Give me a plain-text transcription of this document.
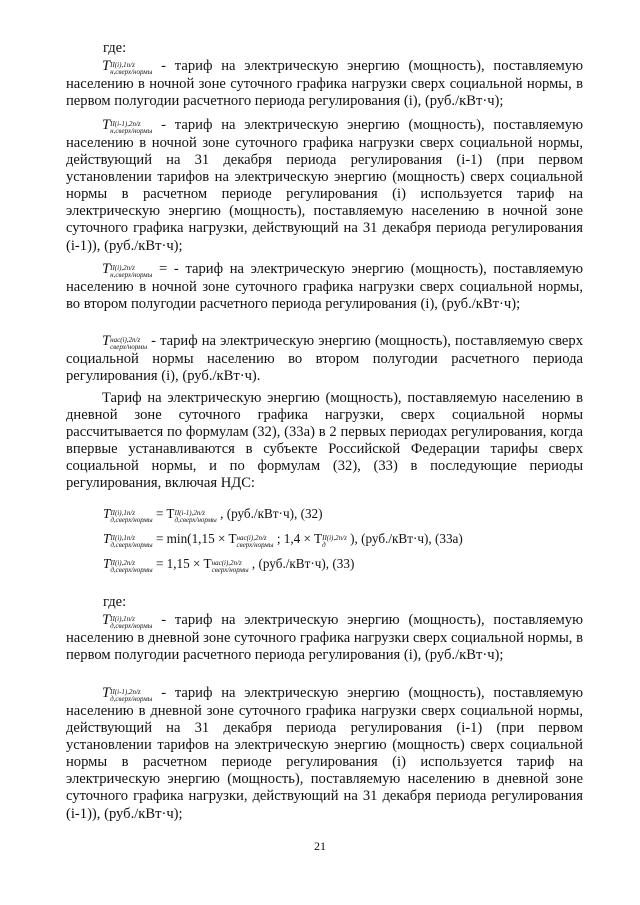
где:
T II(i),1n/z
н,сверх/нормы - тариф на электрическую энергию (мощность), поставляемую населению в ночной зоне суточного графика нагрузки сверх социальной нормы, в первом полугодии расчетного периода регулирования (i), (руб./кВт·ч);
T II(i-1),2n/z
н,сверх/нормы - тариф на электрическую энергию (мощность), поставляемую населению в ночной зоне суточного графика нагрузки сверх социальной нормы, действующий на 31 декабря периода регулирования (i-1) (при первом установлении тарифов на электрическую энергию (мощность) сверх социальной нормы в расчетном периоде регулирования (i) используется тариф на электрическую энергию (мощность), поставляемую населению в ночной зоне суточного графика нагрузки, действующий на 31 декабря периода регулирования (i-1)), (руб./кВт·ч);
T II(i),2n/z
н,сверх/нормы = - тариф на электрическую энергию (мощность), поставляемую населению в ночной зоне суточного графика нагрузки сверх социальной нормы, во втором полугодии расчетного периода регулирования (i), (руб./кВт·ч);
T нас(i),2n/z
сверх/нормы - тариф на электрическую энергию (мощность), поставляемую сверх социальной нормы населению во втором полугодии расчетного периода регулирования (i), (руб./кВт·ч).
Тариф на электрическую энергию (мощность), поставляемую населению в дневной зоне суточного графика нагрузки, сверх социальной нормы рассчитывается по формулам (32), (33а) в 2 первых периодах регулирования, когда впервые устанавливаются в субъекте Российской Федерации тарифы сверх социальной нормы, и по формулам (32), (33) в последующие периоды регулирования, включая НДС:
T II(i),1n/z
д,сверх/нормы = T II(i-1),2n/z
д,сверх/нормы , (руб./кВт·ч), (32)
T II(i),1n/z
д,сверх/нормы = min(1,15 × T нас(i),2n/z
сверх/нормы ; 1,4 × T II(i),2n/z
д	), (руб./кВт·ч), (33а)
T II(i),2n/z
д,сверх/нормы = 1,15 × T нас(i),2n/z
сверх/нормы , (руб./кВт·ч), (33)
где:
T II(i),1n/z
д,сверх/нормы - тариф на электрическую энергию (мощность), поставляемую населению в дневной зоне суточного графика нагрузки сверх социальной нормы, в первом полугодии расчетного периода регулирования (i), (руб./кВт·ч);
T II(i-1),2n/z
д,сверх/нормы - тариф на электрическую энергию (мощность), поставляемую населению в дневной зоне суточного графика нагрузки сверх социальной нормы, действующий на 31 декабря периода регулирования (i-1) (при первом установлении тарифов на электрическую энергию (мощность) сверх социальной нормы в расчетном периоде регулирования (i) используется тариф на электрическую энергию (мощность), поставляемую населению в дневной зоне суточного графика нагрузки, действующий на 31 декабря периода регулирования (i-1)), (руб./кВт·ч);
21
